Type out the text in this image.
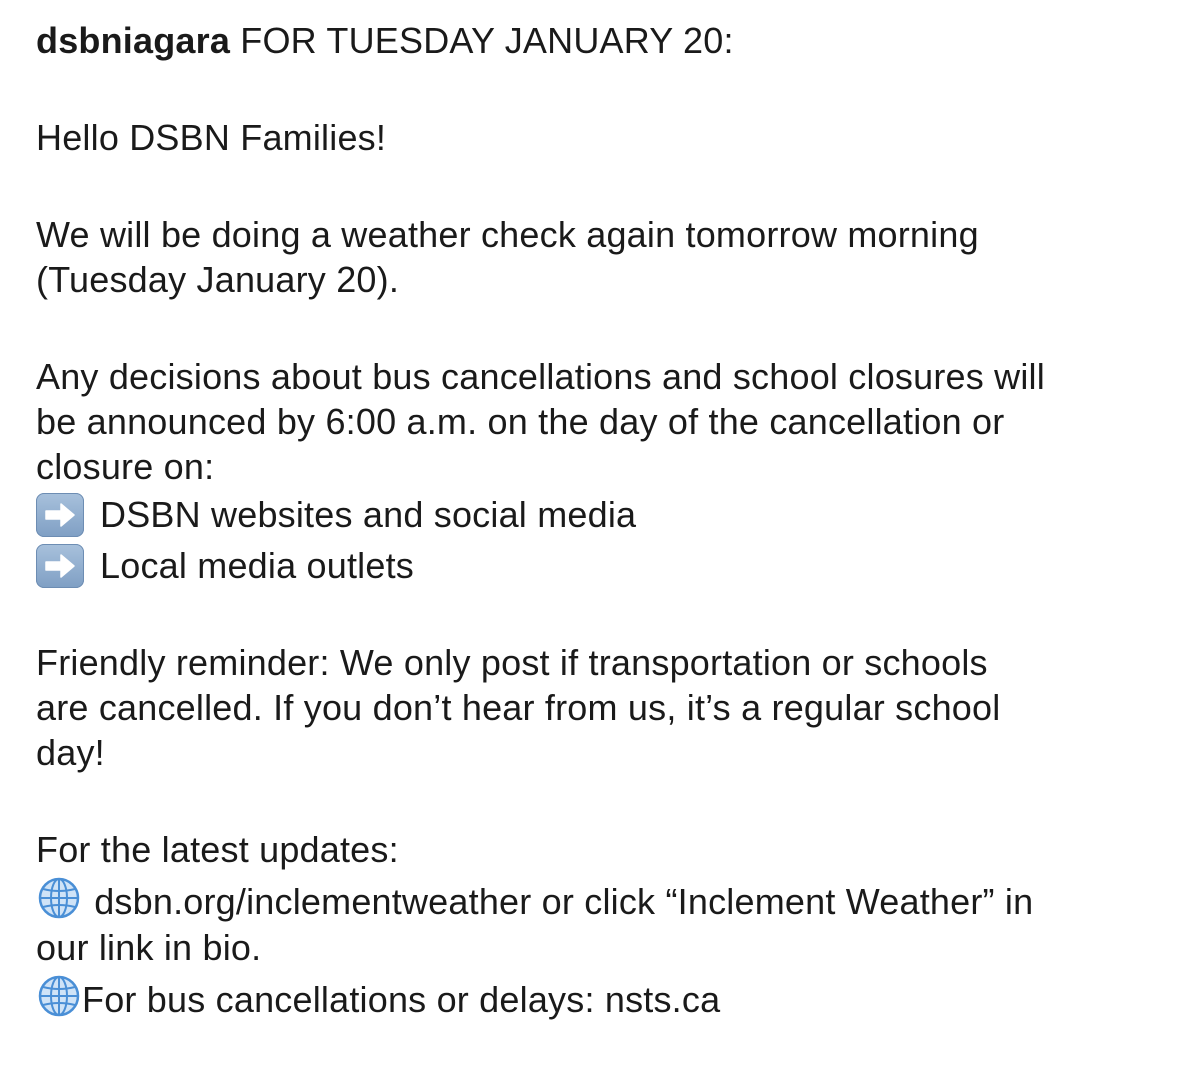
dsbniagara FOR TUESDAY JANUARY 20:
Hello DSBN Families!
We will be doing a weather check again tomorrow morning
(Tuesday January 20).
Any decisions about bus cancellations and school closures will
be announced by 6:00 a.m. on the day of the cancellation or
closure on:
DSBN websites and social media
Local media outlets
Friendly reminder: We only post if transportation or schools
are cancelled. If you don’t hear from us, it’s a regular school
day!
For the latest updates:
dsbn.org/inclementweather or click “Inclement Weather” in
our link in bio.
For bus cancellations or delays: nsts.ca
